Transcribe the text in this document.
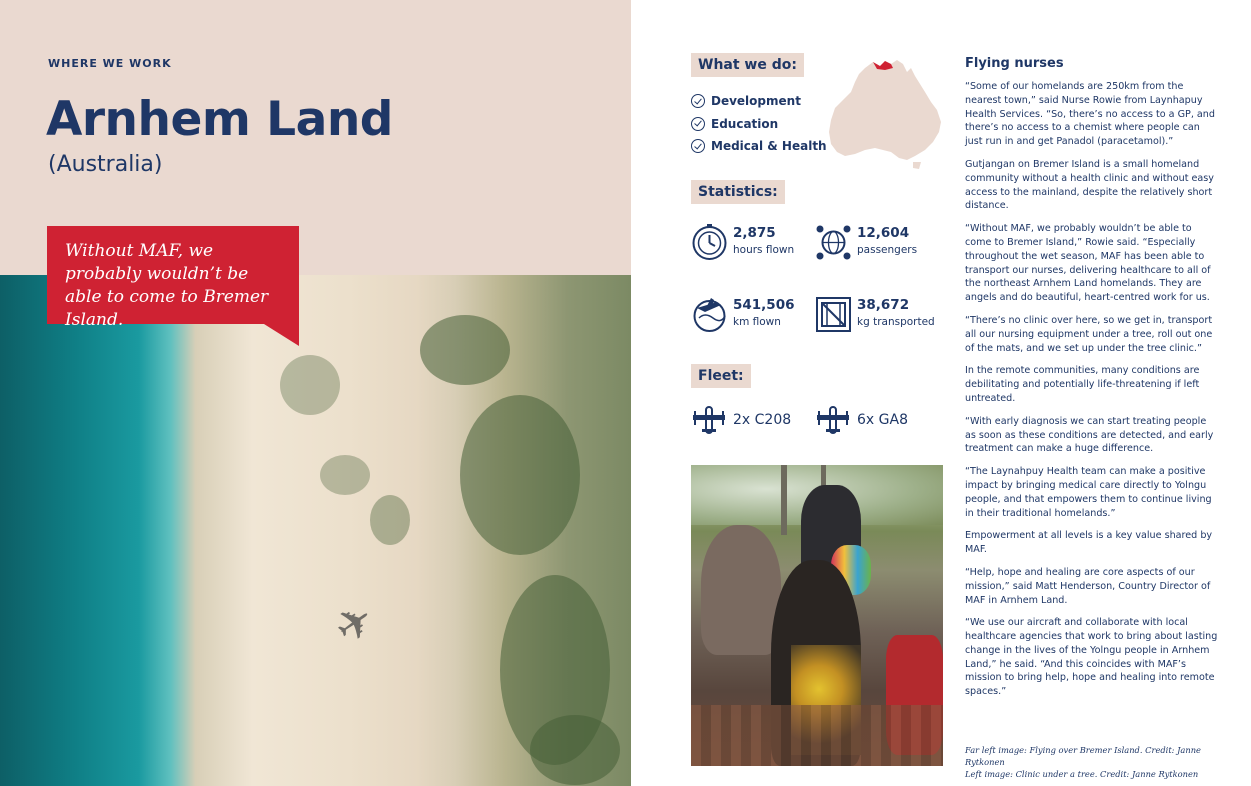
WHERE WE WORK
Arnhem Land
(Australia)
✈

Without MAF, we probably wouldn’t be able to come to Bremer Island.

What we do:
Development
Education
Medical & Health
Statistics:
2,875
hours flown
12,604
passengers
541,506
km flown
38,672
kg transported
Fleet:
2x C208	6x GA8
Flying nurses

“Some of our homelands are 250km from the nearest town,” said Nurse Rowie from Laynhapuy Health Services. “So, there’s no access to a GP, and there’s no access to a chemist where people can just run in and get Panadol (paracetamol).”

Gutjangan on Bremer Island is a small homeland community without a health clinic and without easy access to the mainland, despite the relatively short distance.

“Without MAF, we probably wouldn’t be able to come to Bremer Island,” Rowie said. “Especially throughout the wet season, MAF has been able to transport our nurses, delivering healthcare to all of the northeast Arnhem Land homelands. They are angels and do beautiful, heart-centred work for us.

“There’s no clinic over here, so we get in, transport all our nursing equipment under a tree, roll out one of the mats, and we set up under the tree clinic.”

In the remote communities, many conditions are debilitating and potentially life-threatening if left untreated.

“With early diagnosis we can start treating people as soon as these conditions are detected, and early treatment can make a huge difference.

“The Laynahpuy Health team can make a positive impact by bringing medical care directly to Yolngu people, and that empowers them to continue living in their traditional homelands.”

Empowerment at all levels is a key value shared by MAF.

“Help, hope and healing are core aspects of our mission,” said Matt Henderson, Country Director of MAF in Arnhem Land.

“We use our aircraft and collaborate with local healthcare agencies that work to bring about lasting change in the lives of the Yolngu people in Arnhem Land,” he said. “And this coincides with MAF’s mission to bring help, hope and healing into remote spaces.”

Far left image: Flying over Bremer Island. Credit: Janne Rytkonen

Left image: Clinic under a tree. Credit: Janne Rytkonen
